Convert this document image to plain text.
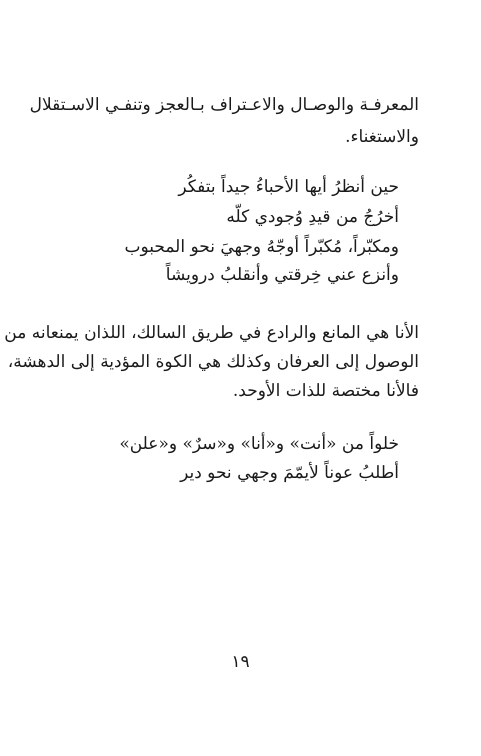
المعرفـة والوصـال والاعـتراف بـالعجز وتنفـي الاسـتقلال
والاستغناء.
حين أنظرُ أيها الأحباءُ جيداً بتفكُر
أخرُجُ من قيدِ وُجودي كلّه
ومكبّراً، مُكبّراً أوجّهُ وجهيَ نحو المحبوب
وأنزع عني خِرقتي وأنقلبُ درويشاً
الأنا هي المانع والرادع في طريق السالك، اللذان يمنعانه من
الوصول إلى العرفان وكذلك هي الكوة المؤدية إلى الدهشة،
فالأنا مختصة للذات الأوحد.
خلواً من «أنت» و«أنا» و«سرٌ» و«علن»
أطلبُ عوناً لأيمّمَ وجهي نحو دير
١٩
